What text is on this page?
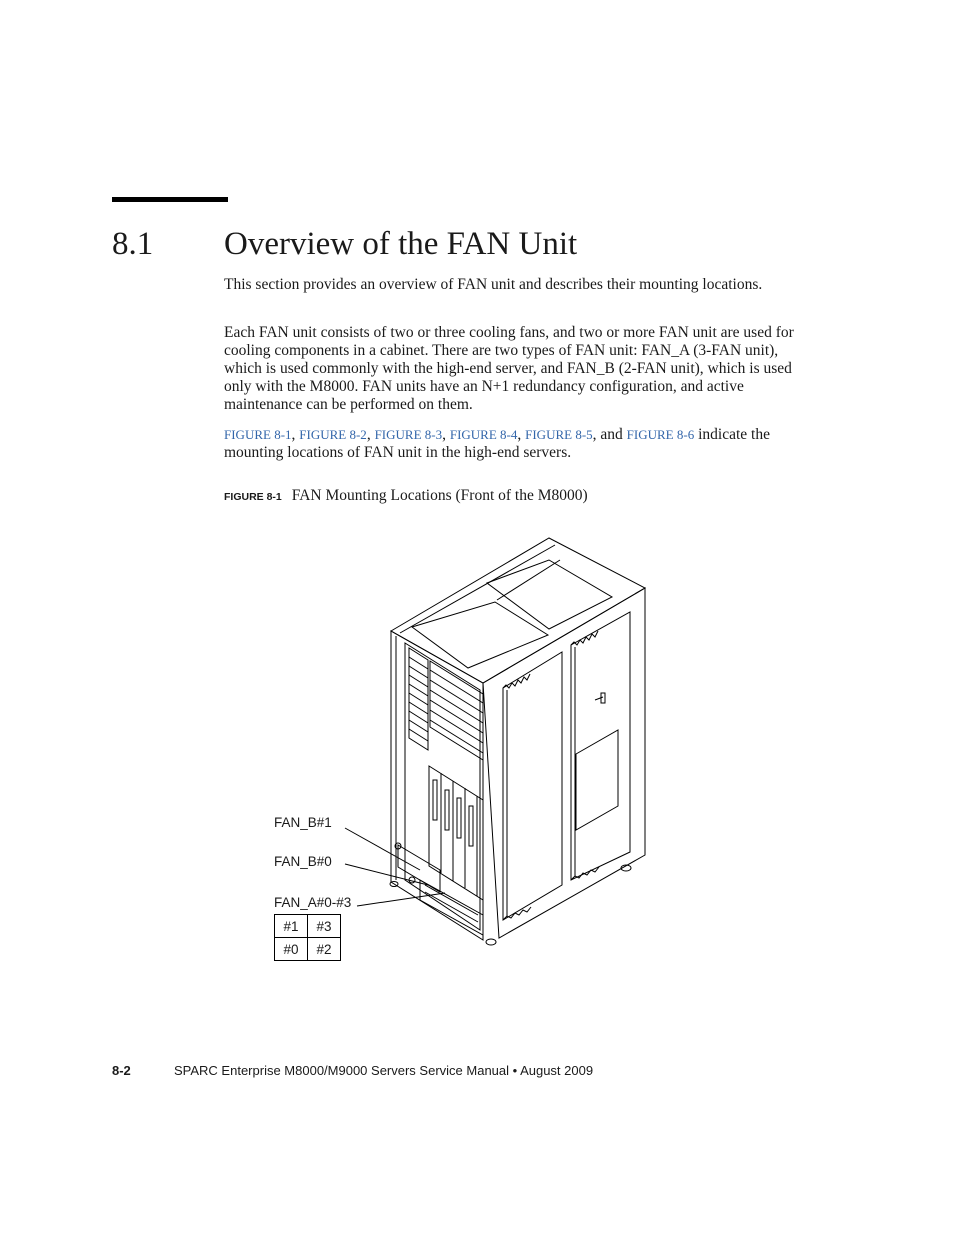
8.1 Overview of the FAN Unit

This section provides an overview of FAN unit and describes their mounting locations.

Each FAN unit consists of two or three cooling fans, and two or more FAN unit are used for cooling components in a cabinet. There are two types of FAN unit: FAN_A (3-FAN unit), which is used commonly with the high-end server, and FAN_B (2-FAN unit), which is used only with the M8000. FAN units have an N+1 redundancy configuration, and active maintenance can be performed on them.

FIGURE 8-1, FIGURE 8-2, FIGURE 8-3, FIGURE 8-4, FIGURE 8-5, and FIGURE 8-6 indicate the mounting locations of FAN unit in the high-end servers.

FIGURE 8-1 FAN Mounting Locations (Front of the M8000)
FAN_B#1
FAN_B#0
FAN_A#0-#3
#1	#3
#0	#2
8-2	SPARC Enterprise M8000/M9000 Servers Service Manual • August 2009
